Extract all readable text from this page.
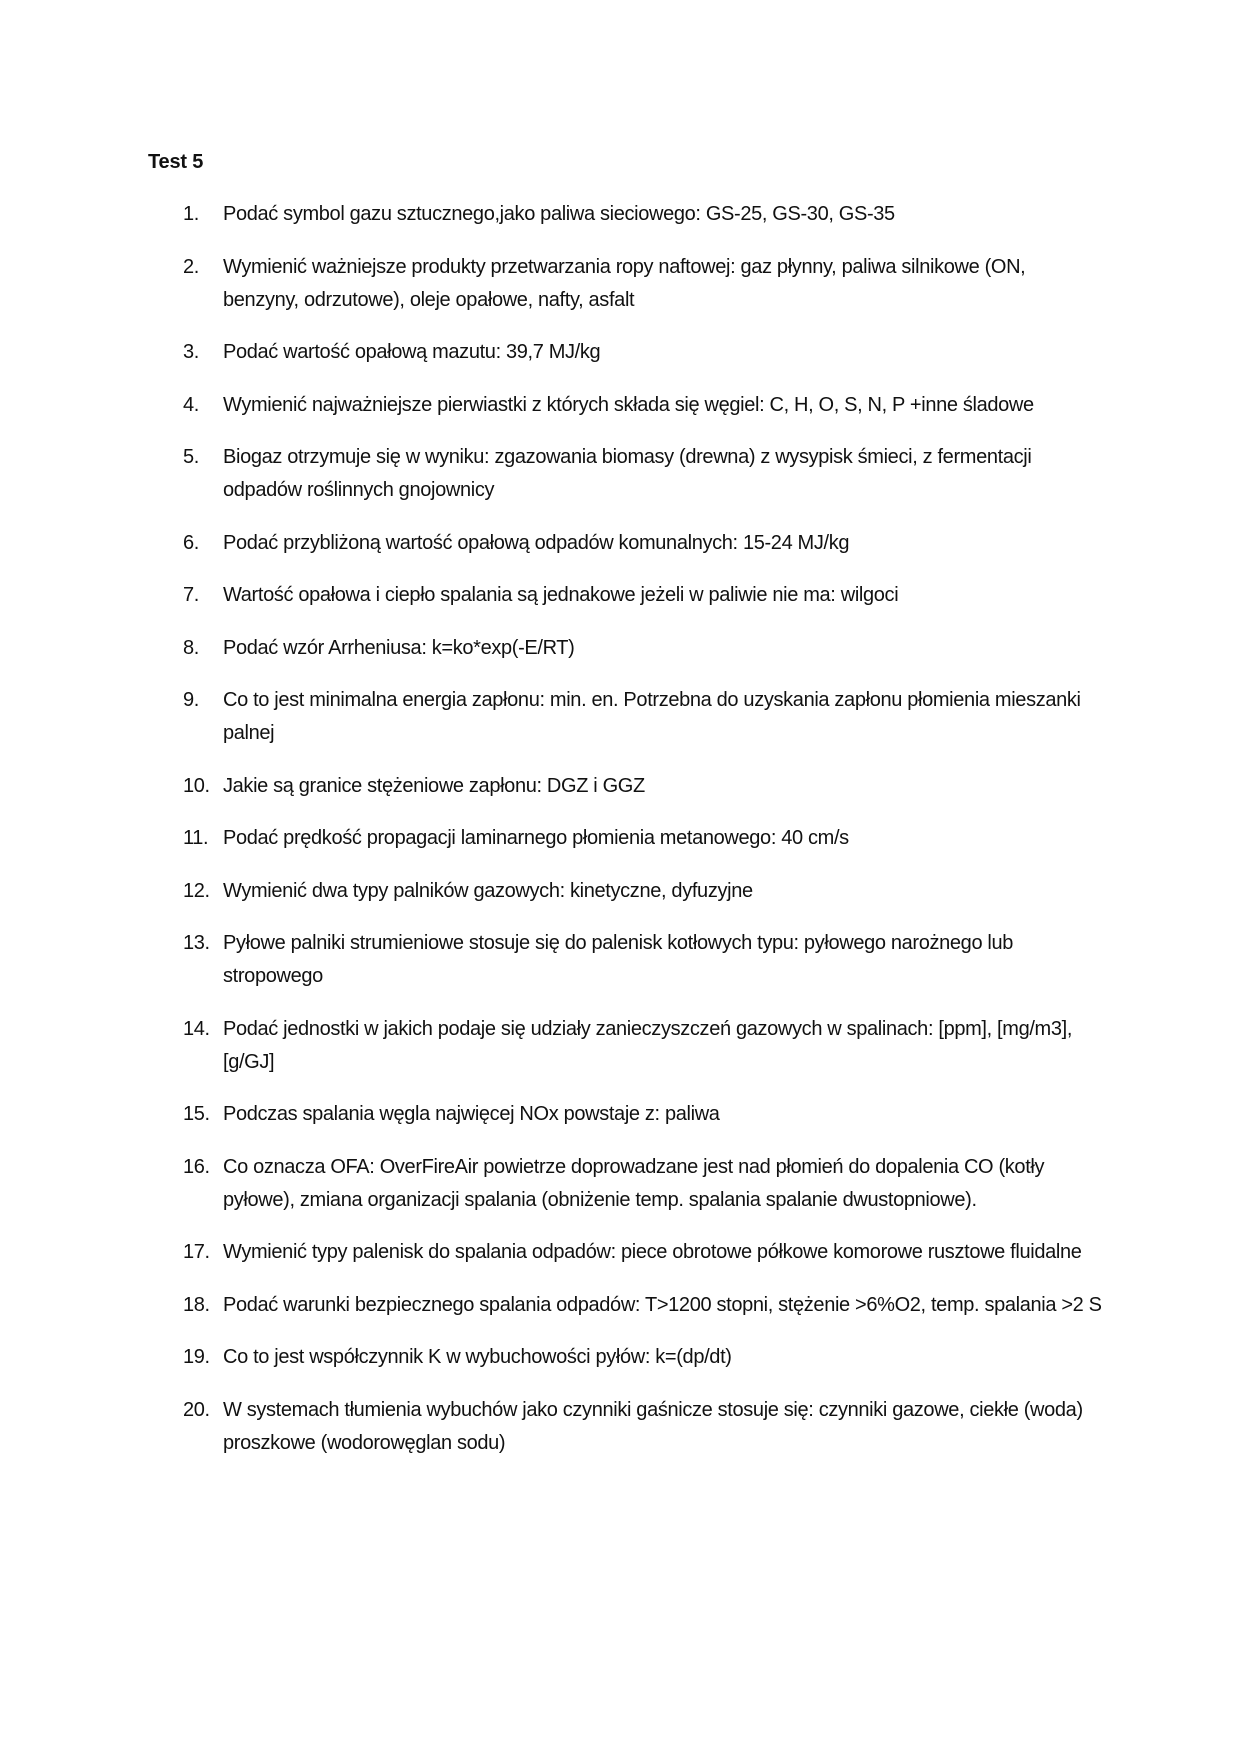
Test 5
1.	Podać symbol gazu sztucznego,jako paliwa sieciowego: GS-25, GS-30, GS-35
2.	Wymienić ważniejsze produkty przetwarzania ropy naftowej: gaz płynny, paliwa silnikowe (ON, benzyny, odrzutowe), oleje opałowe, nafty, asfalt
3.	Podać wartość opałową mazutu: 39,7 MJ/kg
4.	Wymienić najważniejsze pierwiastki z których składa się węgiel: C, H, O, S, N, P +inne śladowe
5.	Biogaz otrzymuje się w wyniku: zgazowania biomasy (drewna) z wysypisk śmieci, z fermentacji odpadów roślinnych gnojownicy
6.	Podać przybliżoną wartość opałową odpadów komunalnych: 15-24 MJ/kg
7.	Wartość opałowa i ciepło spalania są jednakowe jeżeli w paliwie nie ma: wilgoci
8.	Podać wzór Arrheniusa: k=ko*exp(-E/RT)
9.	Co to jest minimalna energia zapłonu: min. en. Potrzebna do uzyskania zapłonu płomienia mieszanki palnej
10. Jakie są granice stężeniowe zapłonu: DGZ i GGZ
11. Podać prędkość propagacji laminarnego płomienia metanowego: 40 cm/s
12. Wymienić dwa typy palników gazowych: kinetyczne, dyfuzyjne
13. Pyłowe palniki strumieniowe stosuje się do palenisk kotłowych typu: pyłowego narożnego lub stropowego
14. Podać jednostki w jakich podaje się udziały zanieczyszczeń gazowych w spalinach: [ppm], [mg/m3], [g/GJ]
15. Podczas spalania węgla najwięcej NOx powstaje z: paliwa
16. Co oznacza OFA: OverFireAir powietrze doprowadzane jest nad płomień do dopalenia CO (kotły pyłowe), zmiana organizacji spalania (obniżenie temp. spalania spalanie dwustopniowe).
17. Wymienić typy palenisk do spalania odpadów: piece obrotowe półkowe komorowe rusztowe fluidalne
18. Podać warunki bezpiecznego spalania odpadów: T>1200 stopni, stężenie >6%O2, temp. spalania >2 S
19. Co to jest współczynnik K w wybuchowości pyłów: k=(dp/dt)
20. W systemach tłumienia wybuchów jako czynniki gaśnicze stosuje się: czynniki gazowe, ciekłe (woda) proszkowe (wodorowęglan sodu)
